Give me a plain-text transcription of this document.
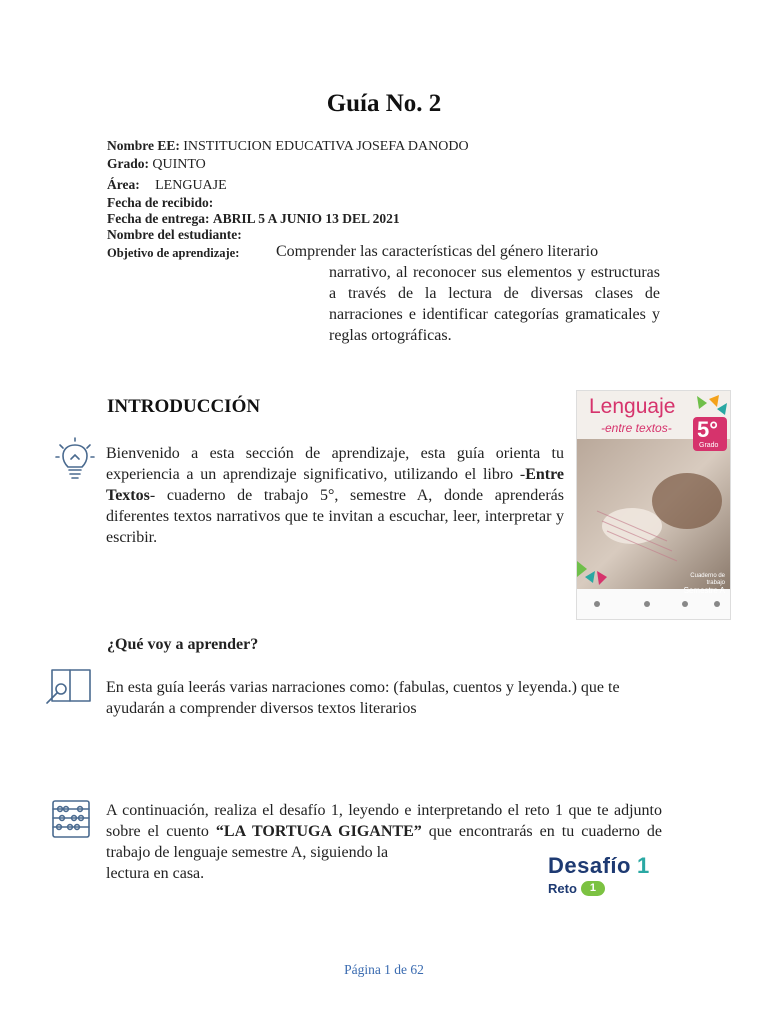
Guía No. 2
Nombre EE: INSTITUCION EDUCATIVA JOSEFA DANODO
Grado: QUINTO
Área: LENGUAJE
Fecha de recibido:
Fecha de entrega: ABRIL 5 A JUNIO 13 DEL 2021
Nombre del estudiante:
Objetivo de aprendizaje: Comprender las características del género literario
narrativo, al reconocer sus elementos y estructuras a través de la lectura de diversas clases de narraciones e identificar categorías gramaticales y reglas ortográficas.
INTRODUCCIÓN
Bienvenido a esta sección de aprendizaje, esta guía orienta tu experiencia a un aprendizaje significativo, utilizando el libro -Entre Textos- cuaderno de trabajo 5°, semestre A, donde aprenderás diferentes textos narrativos que te invitan a escuchar, leer, interpretar y escribir.
Lenguaje
-entre textos- 5°
Grado
Cuaderno de trabajo
Semestre A
¿Qué voy a aprender?
En esta guía leerás varias narraciones como: (fabulas, cuentos y leyenda.) que te ayudarán a comprender diversos textos literarios
A continuación, realiza el desafío 1, leyendo e interpretando el reto 1 que te adjunto sobre el cuento “LA TORTUGA GIGANTE” que encontrarás en tu cuaderno de trabajo de lenguaje semestre A, siguiendo la
lectura en casa.	Desafío 1
Reto	1
Página 1 de 62
